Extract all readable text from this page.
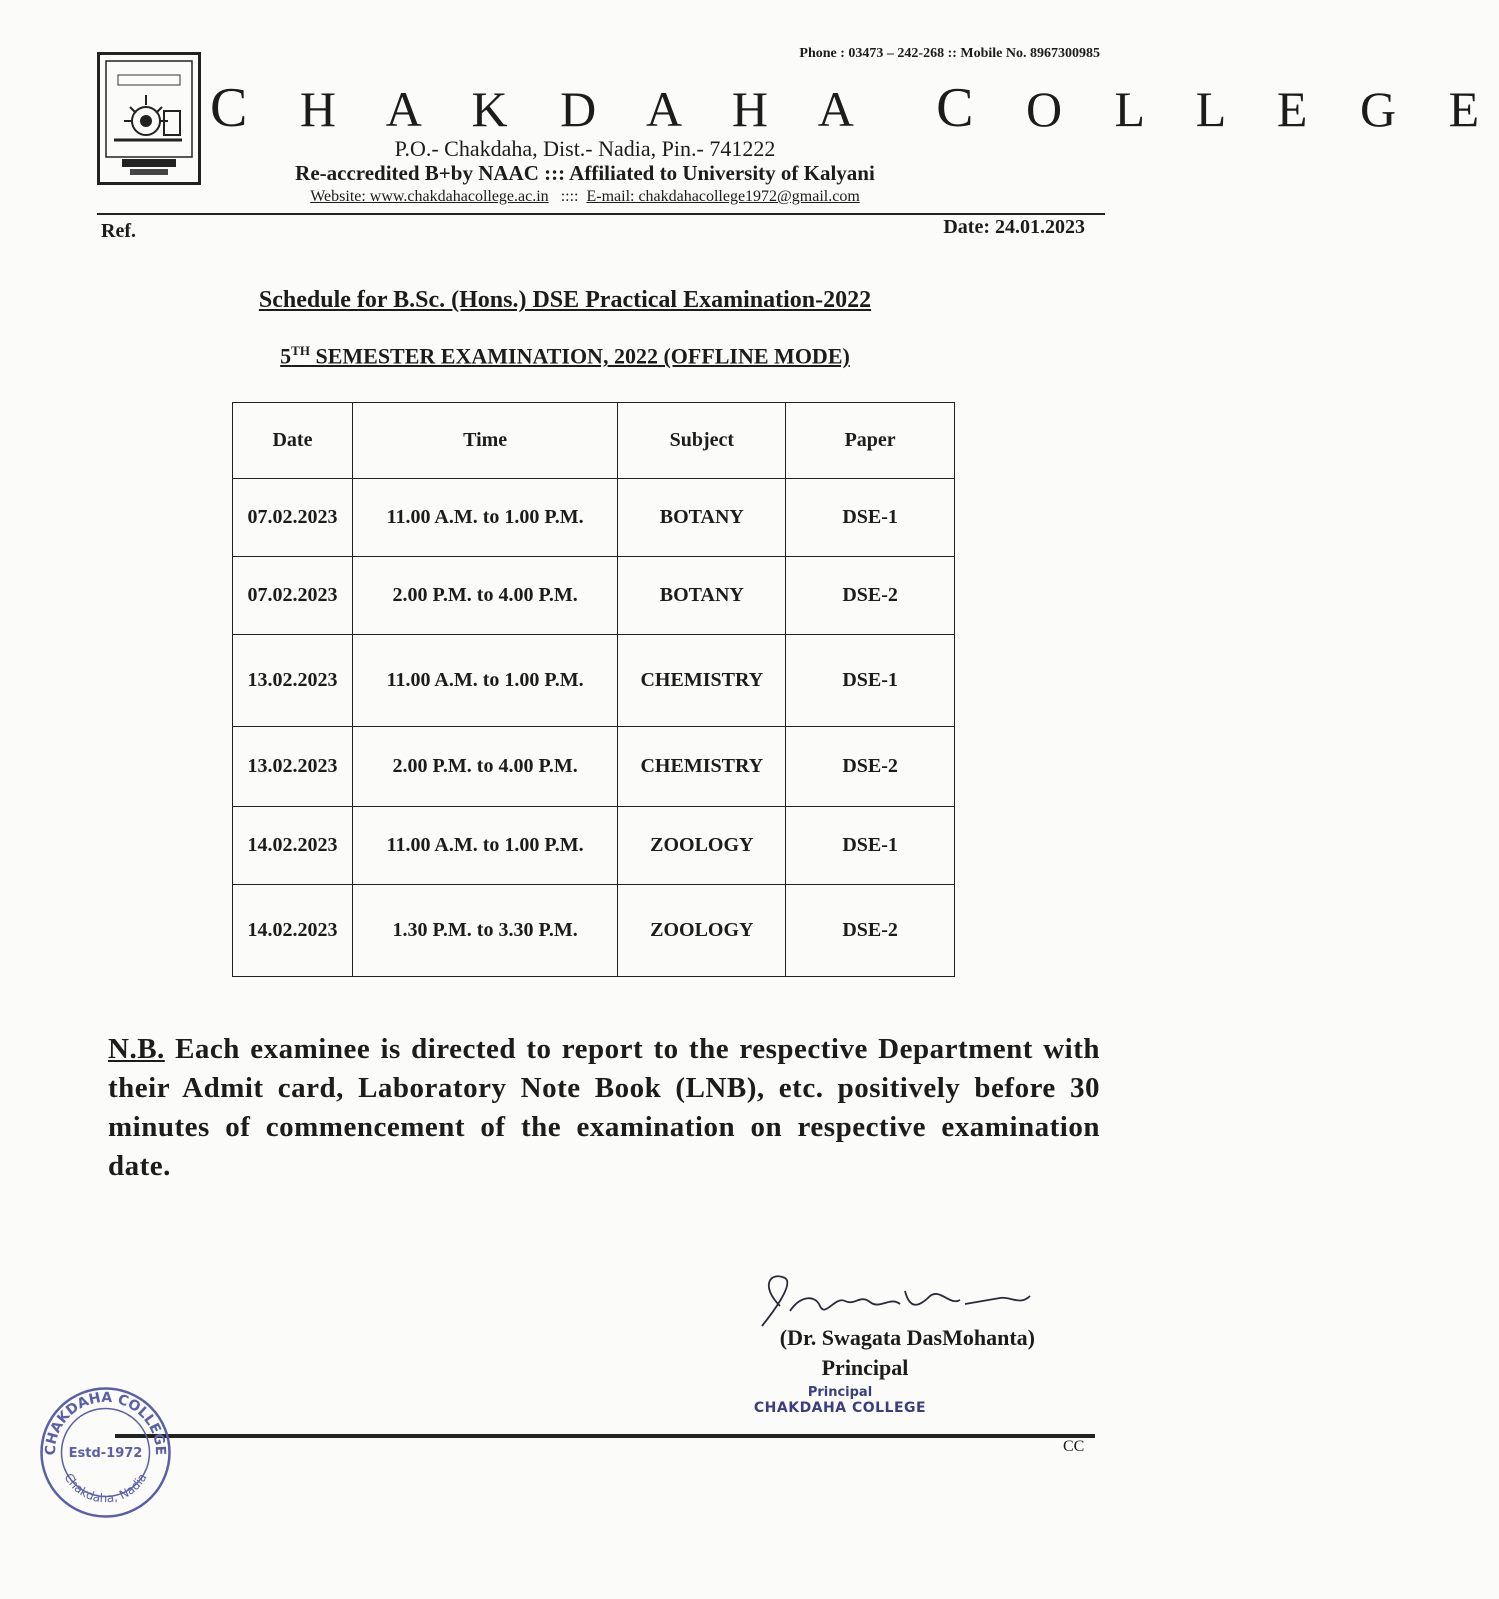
Phone : 03473 – 242-268 :: Mobile No. 8967300985
C H A K D A H A  C O L L E G E
P.O.- Chakdaha, Dist.- Nadia, Pin.- 741222
Re-accredited B+by NAAC ::: Affiliated to University of Kalyani
Website: www.chakdahacollege.ac.in :::: E-mail: chakdahacollege1972@gmail.com
Ref.	Date: 24.01.2023
Schedule for B.Sc. (Hons.) DSE Practical Examination-2022
5TH SEMESTER EXAMINATION, 2022 (OFFLINE MODE)
Date	Time	Subject	Paper
07.02.2023	11.00 A.M. to 1.00 P.M.	BOTANY	DSE-1
07.02.2023	2.00 P.M. to 4.00 P.M.	BOTANY	DSE-2
13.02.2023	11.00 A.M. to 1.00 P.M.	CHEMISTRY	DSE-1
13.02.2023	2.00 P.M. to 4.00 P.M.	CHEMISTRY	DSE-2
14.02.2023	11.00 A.M. to 1.00 P.M.	ZOOLOGY	DSE-1
14.02.2023	1.30 P.M. to 3.30 P.M.	ZOOLOGY	DSE-2
N.B. Each examinee is directed to report to the respective Department with their Admit card, Laboratory Note Book (LNB), etc. positively before 30 minutes of commencement of the examination on respective examination date.
(Dr. Swagata DasMohanta)
Principal
Principal
CHAKDAHA COLLEGE
CC
CHAKDAHA COLLEGE
Chakdaha, Nadia
Estd-1972
